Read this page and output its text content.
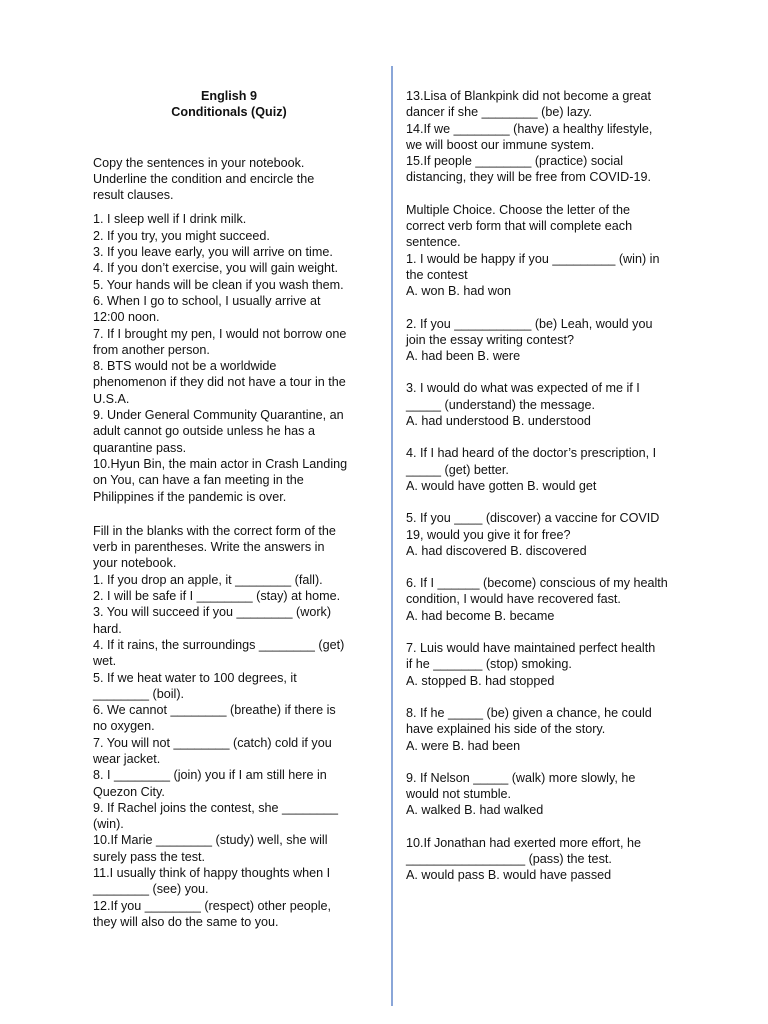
English 9

Conditionals (Quiz)

Copy the sentences in your notebook.

Underline the condition and encircle the

result clauses.

1. I sleep well if I drink milk.

2. If you try, you might succeed.

3. If you leave early, you will arrive on time.

4. If you don’t exercise, you will gain weight.

5. Your hands will be clean if you wash them.

6. When I go to school, I usually arrive at

12:00 noon.

7. If I brought my pen, I would not borrow one

from another person.

8. BTS would not be a worldwide

phenomenon if they did not have a tour in the

U.S.A.

9. Under General Community Quarantine, an

adult cannot go outside unless he has a

quarantine pass.

10.Hyun Bin, the main actor in Crash Landing

on You, can have a fan meeting in the

Philippines if the pandemic is over.

Fill in the blanks with the correct form of the

verb in parentheses. Write the answers in

your notebook.

1. If you drop an apple, it ________ (fall).

2. I will be safe if I ________ (stay) at home.

3. You will succeed if you ________ (work)

hard.

4. If it rains, the surroundings ________ (get)

wet.

5. If we heat water to 100 degrees, it

________ (boil).

6. We cannot ________ (breathe) if there is

no oxygen.

7. You will not ________ (catch) cold if you

wear jacket.

8. I ________ (join) you if I am still here in

Quezon City.

9. If Rachel joins the contest, she ________

(win).

10.If Marie ________ (study) well, she will

surely pass the test.

11.I usually think of happy thoughts when I

________ (see) you.

12.If you ________ (respect) other people,

they will also do the same to you.

13.Lisa of Blankpink did not become a great

dancer if she ________ (be) lazy.

14.If we ________ (have) a healthy lifestyle,

we will boost our immune system.

15.If people ________ (practice) social

distancing, they will be free from COVID-19.

Multiple Choice. Choose the letter of the

correct verb form that will complete each

sentence.

1. I would be happy if you _________ (win) in

the contest

A. won B. had won

2. If you ___________ (be) Leah, would you

join the essay writing contest?

A. had been B. were

3. I would do what was expected of me if I

_____ (understand) the message.

A. had understood B. understood

4. If I had heard of the doctor’s prescription, I

_____ (get) better.

A. would have gotten B. would get

5. If you ____ (discover) a vaccine for COVID

19, would you give it for free?

A. had discovered B. discovered

6. If I ______ (become) conscious of my health

condition, I would have recovered fast.

A. had become B. became

7. Luis would have maintained perfect health

if he _______ (stop) smoking.

A. stopped B. had stopped

8. If he _____ (be) given a chance, he could

have explained his side of the story.

A. were B. had been

9. If Nelson _____ (walk) more slowly, he

would not stumble.

A. walked B. had walked

10.If Jonathan had exerted more effort, he

_________________ (pass) the test.

A. would pass B. would have passed
